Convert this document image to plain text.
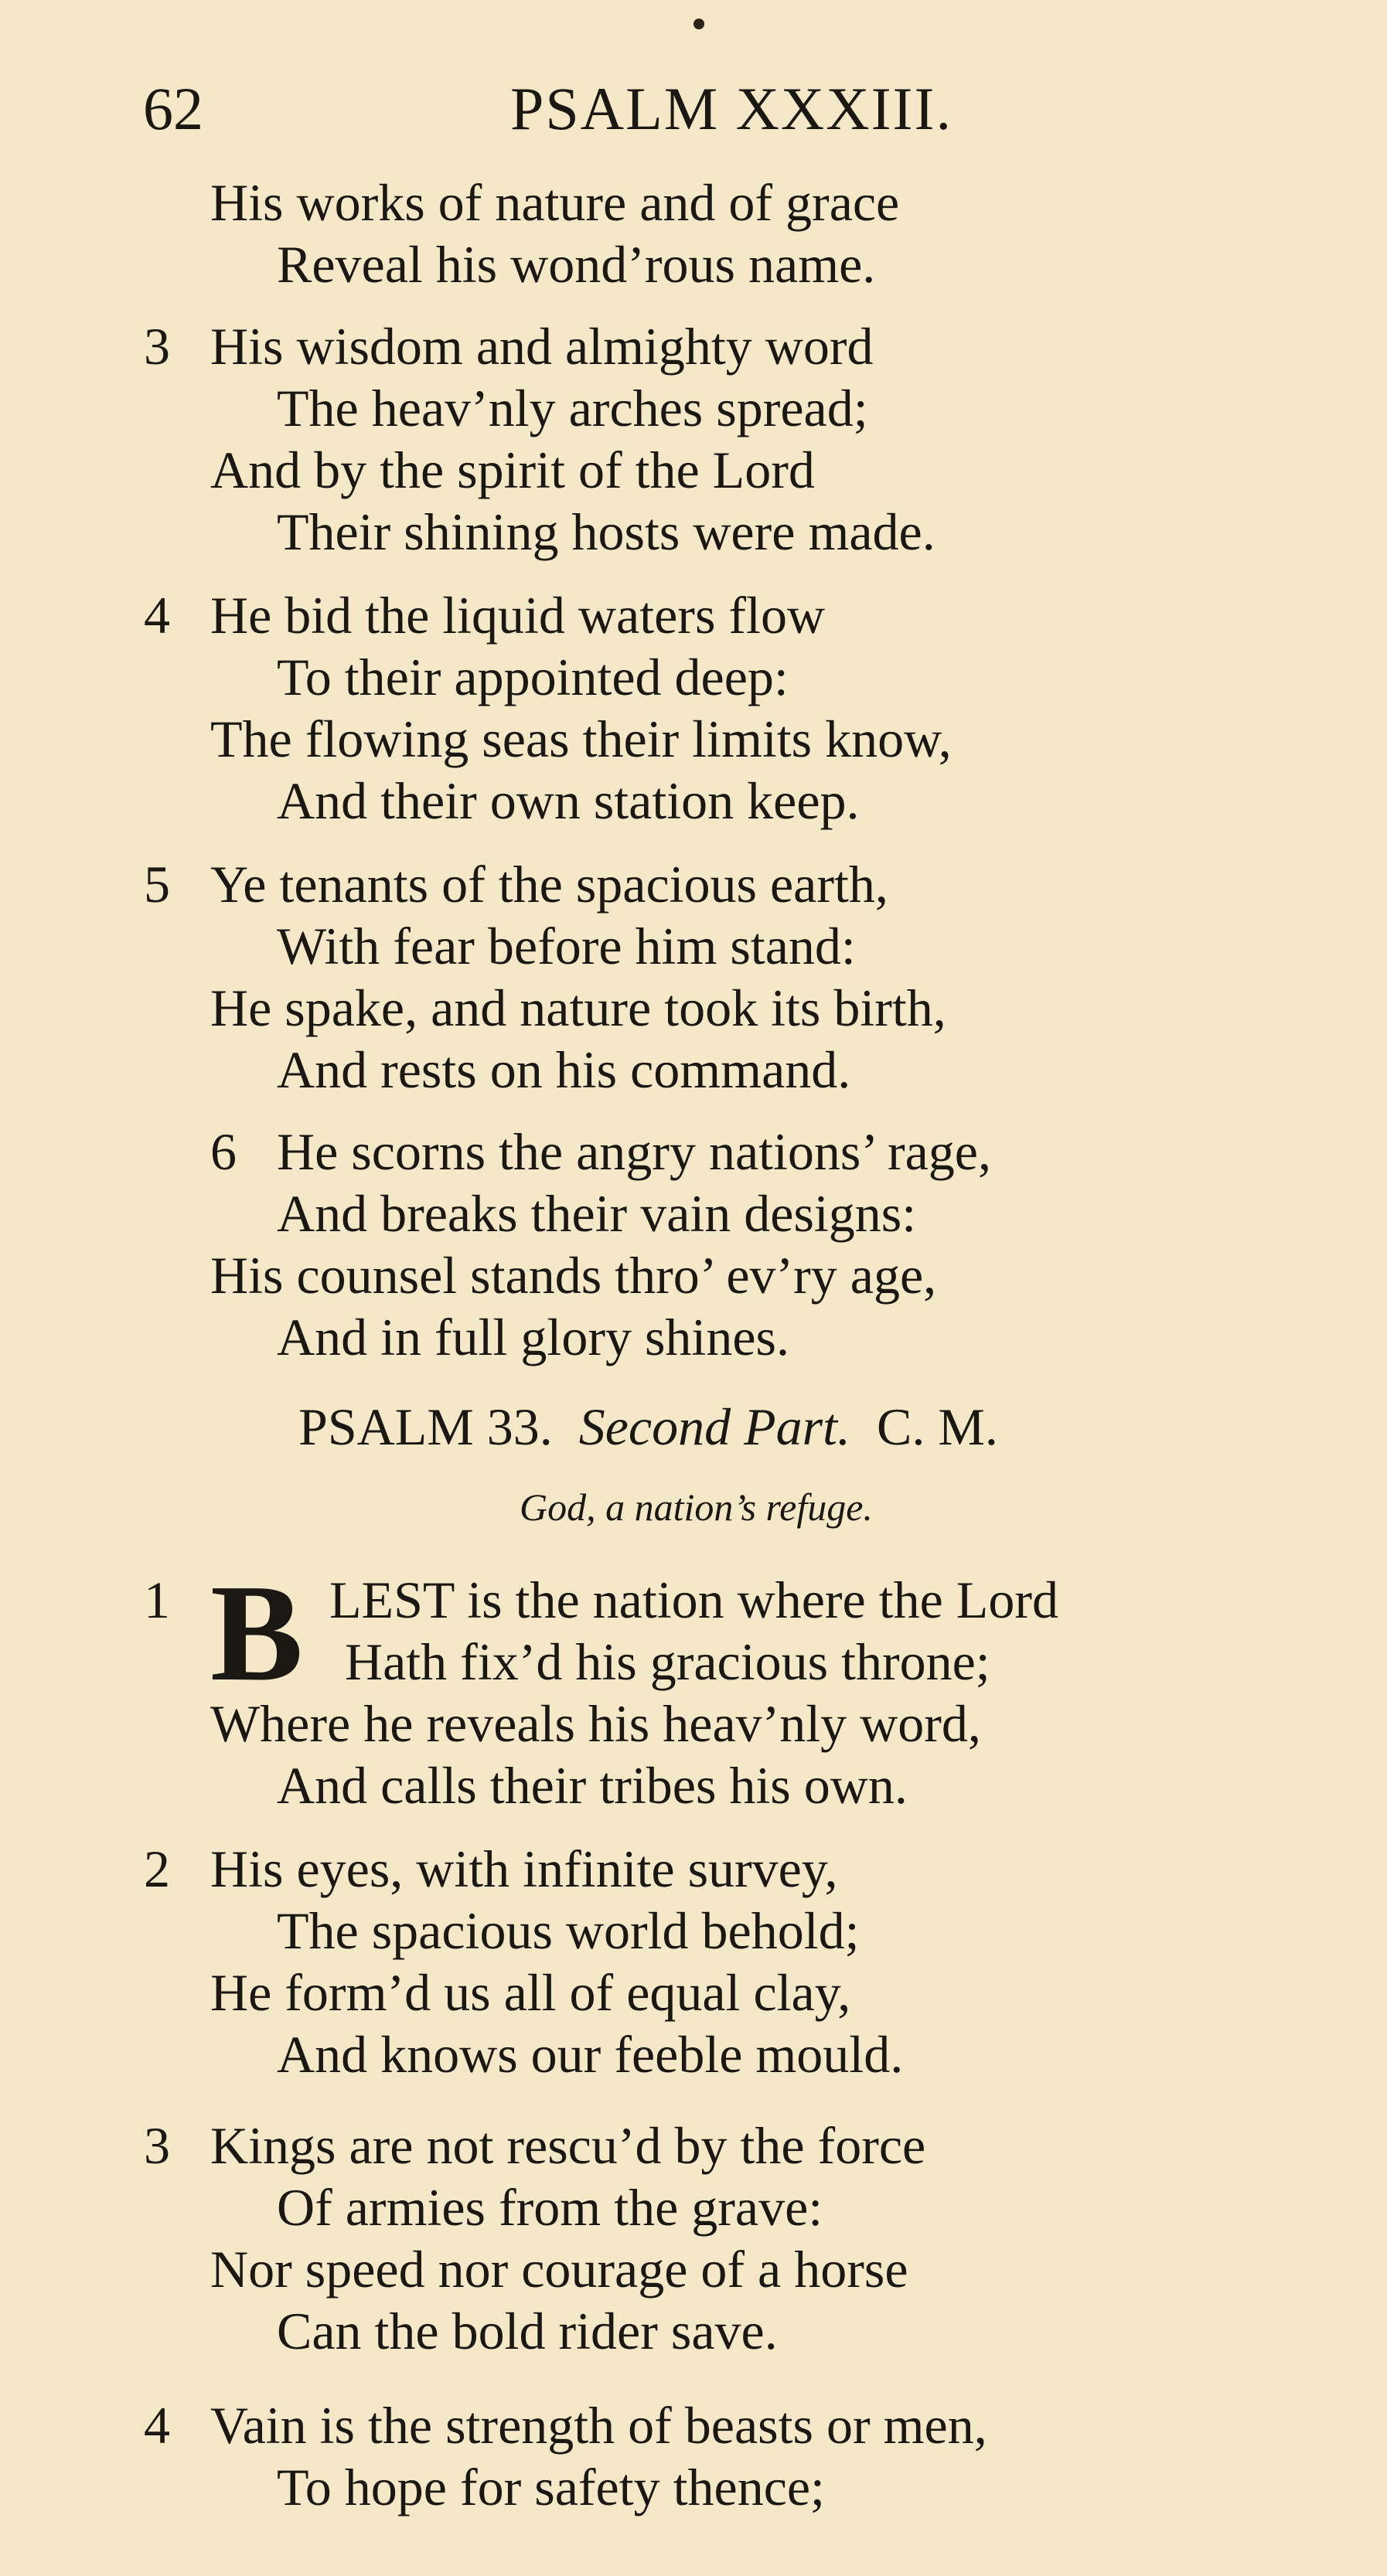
62	PSALM XXXIII.
His works of nature and of grace
Reveal his wond’rous name.
3 His wisdom and almighty word
The heav’nly arches spread;
And by the spirit of the Lord
Their shining hosts were made.
4 He bid the liquid waters flow
To their appointed deep:
The flowing seas their limits know,
And their own station keep.
5 Ye tenants of the spacious earth,
With fear before him stand:
He spake, and nature took its birth,
And rests on his command.
6 He scorns the angry nations’ rage,
And breaks their vain designs:
His counsel stands thro’ ev’ry age,
And in full glory shines.
PSALM 33. Second Part. C. M.
God, a nation’s refuge.
1 B LEST is the nation where the Lord
Hath fix’d his gracious throne;
Where he reveals his heav’nly word,
And calls their tribes his own.
2 His eyes, with infinite survey,
The spacious world behold;
He form’d us all of equal clay,
And knows our feeble mould.
3 Kings are not rescu’d by the force
Of armies from the grave:
Nor speed nor courage of a horse
Can the bold rider save.
4 Vain is the strength of beasts or men,
To hope for safety thence;
